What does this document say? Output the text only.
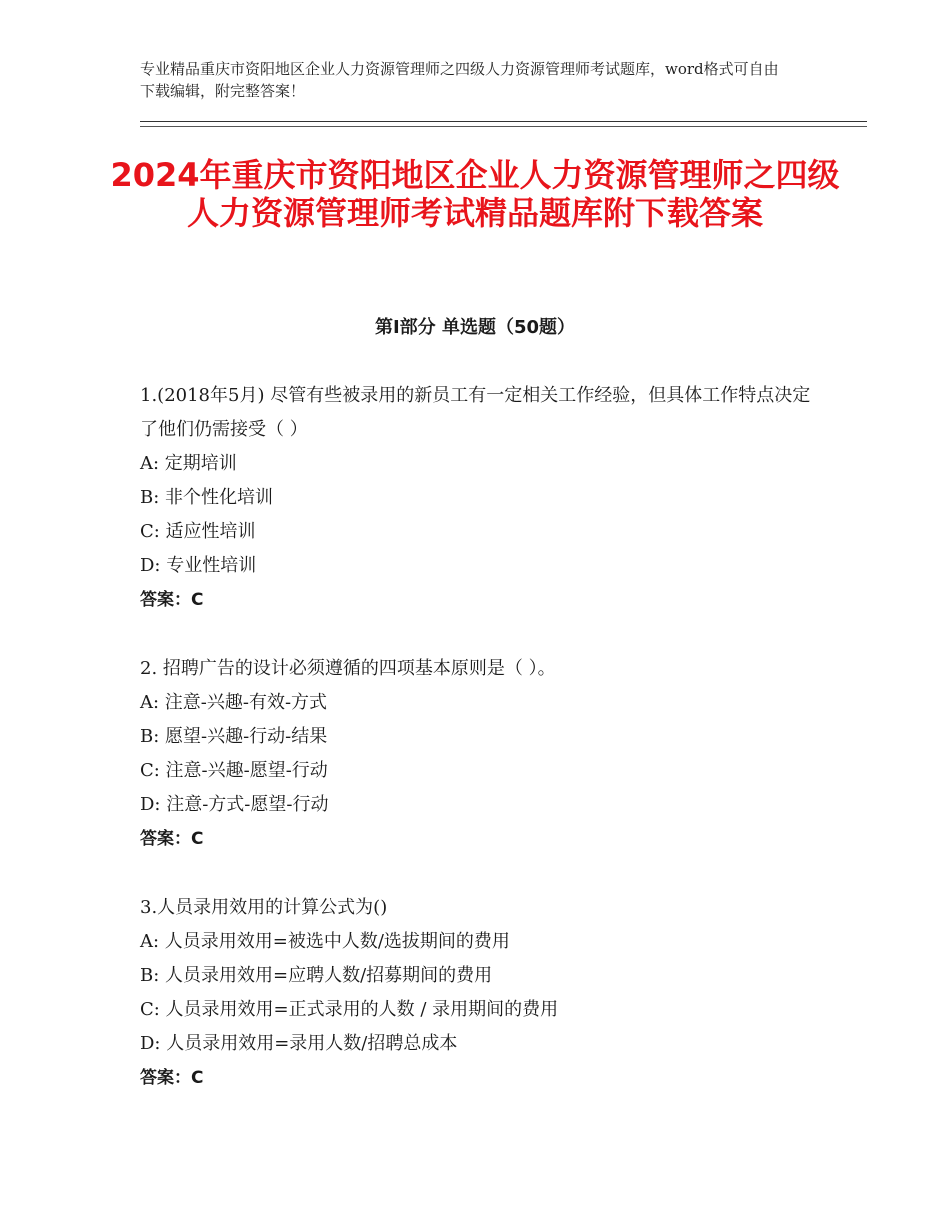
专业精品重庆市资阳地区企业人力资源管理师之四级人力资源管理师考试题库，word格式可自由下载编辑，附完整答案！
2024年重庆市资阳地区企业人力资源管理师之四级人力资源管理师考试精品题库附下载答案
第Ⅰ部分 单选题（50题）
1.(2018年5月) 尽管有些被录用的新员工有一定相关工作经验，但具体工作特点决定了他们仍需接受（ ）
A: 定期培训
B: 非个性化培训
C: 适应性培训
D: 专业性培训
答案：C
2. 招聘广告的设计必须遵循的四项基本原则是（ ）。
A: 注意-兴趣-有效-方式
B: 愿望-兴趣-行动-结果
C: 注意-兴趣-愿望-行动
D: 注意-方式-愿望-行动
答案：C
3.人员录用效用的计算公式为()
A: 人员录用效用=被选中人数/选拔期间的费用
B: 人员录用效用=应聘人数/招募期间的费用
C: 人员录用效用=正式录用的人数 / 录用期间的费用
D: 人员录用效用=录用人数/招聘总成本
答案：C
